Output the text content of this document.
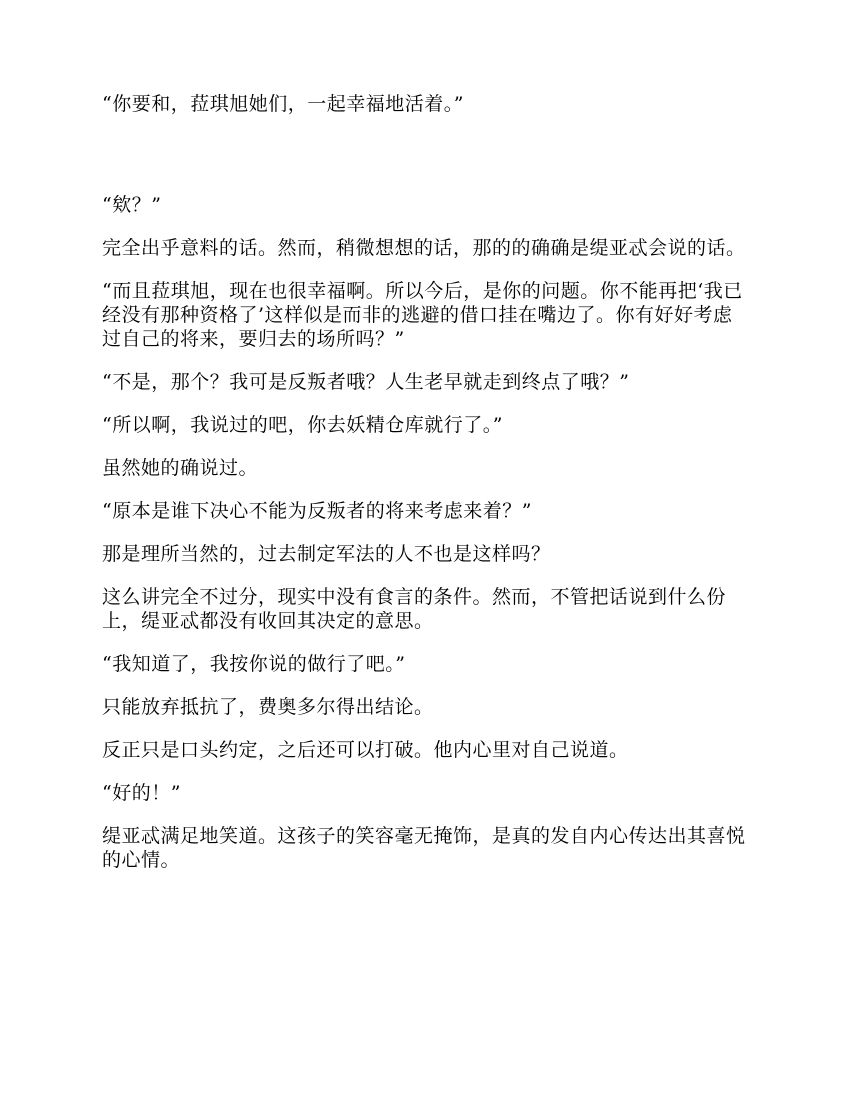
“你要和，菈琪旭她们，一起幸福地活着。”

“欸？”

完全出乎意料的话。然而，稍微想想的话，那的的确确是缇亚忒会说的话。

“而且菈琪旭，现在也很幸福啊。所以今后，是你的问题。你不能再把‘我已经没有那种资格了’这样似是而非的逃避的借口挂在嘴边了。你有好好考虑过自己的将来，要归去的场所吗？”

“不是，那个？我可是反叛者哦？人生老早就走到终点了哦？”

“所以啊，我说过的吧，你去妖精仓库就行了。”

虽然她的确说过。

“原本是谁下决心不能为反叛者的将来考虑来着？”

那是理所当然的，过去制定军法的人不也是这样吗？

这么讲完全不过分，现实中没有食言的条件。然而，不管把话说到什么份上，缇亚忒都没有收回其决定的意思。

“我知道了，我按你说的做行了吧。”

只能放弃抵抗了，费奥多尔得出结论。

反正只是口头约定，之后还可以打破。他内心里对自己说道。

“好的！”

缇亚忒满足地笑道。这孩子的笑容毫无掩饰，是真的发自内心传达出其喜悦的心情。
